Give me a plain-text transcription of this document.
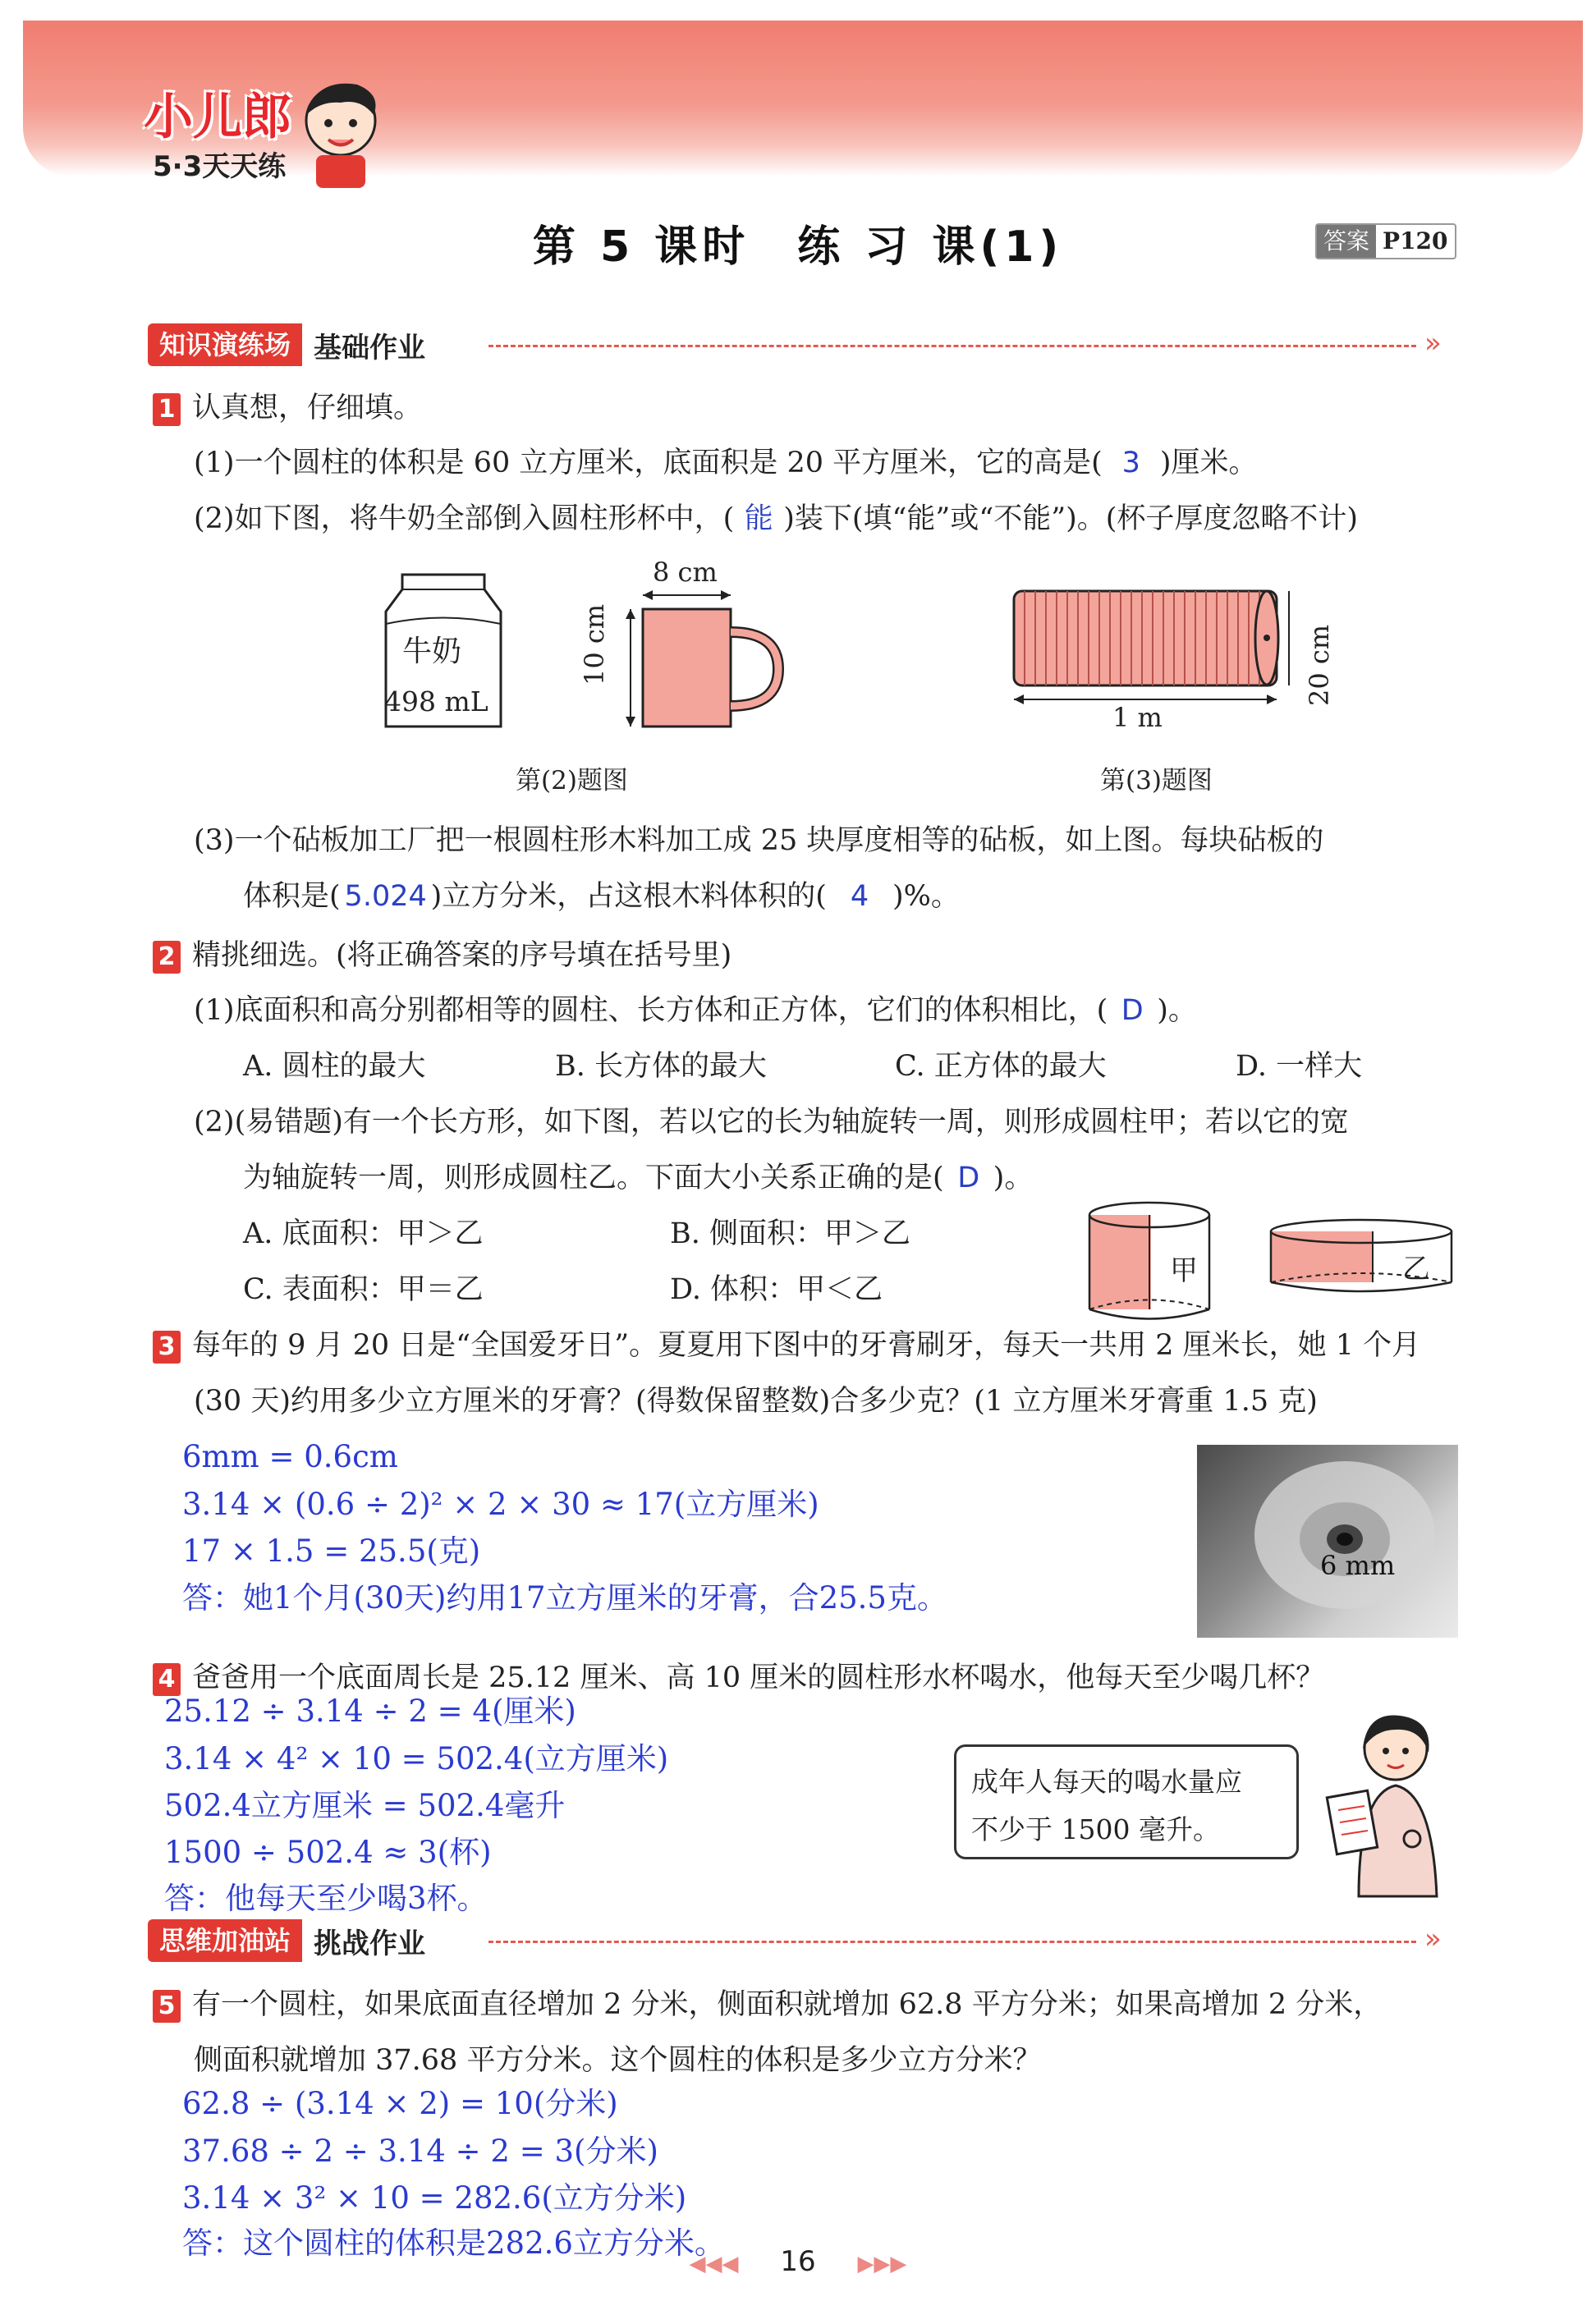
小儿郎
5·3天天练
第 5 课时　练 习 课(1)	答案 P120
知识演练场 基础作业	»
1 认真想，仔细填。
(1)一个圆柱的体积是 60 立方厘米，底面积是 20 平方厘米，它的高是( 3 )厘米。
(2)如下图，将牛奶全部倒入圆柱形杯中，( 能 )装下(填“能”或“不能”)。(杯子厚度忽略不计)
牛奶
498 mL
8 cm
10 cm
1 m
20 cm
第(2)题图	第(3)题图
(3)一个砧板加工厂把一根圆柱形木料加工成 25 块厚度相等的砧板，如上图。每块砧板的
体积是( 5.024 )立方分米，占这根木料体积的( 4 )%。
2 精挑细选。(将正确答案的序号填在括号里)
(1)底面积和高分别都相等的圆柱、长方体和正方体，它们的体积相比，( D )。
A. 圆柱的最大	B. 长方体的最大	C. 正方体的最大	D. 一样大
(2)(易错题)有一个长方形，如下图，若以它的长为轴旋转一周，则形成圆柱甲；若以它的宽
为轴旋转一周，则形成圆柱乙。下面大小关系正确的是( D )。
A. 底面积：甲＞乙	B. 侧面积：甲＞乙
C. 表面积：甲＝乙	D. 体积：甲＜乙
甲	乙
3 每年的 9 月 20 日是“全国爱牙日”。夏夏用下图中的牙膏刷牙，每天一共用 2 厘米长，她 1 个月
(30 天)约用多少立方厘米的牙膏？(得数保留整数)合多少克？(1 立方厘米牙膏重 1.5 克)
6mm = 0.6cm
3.14 × (0.6 ÷ 2)² × 2 × 30 ≈ 17(立方厘米)
17 × 1.5 = 25.5(克)
答：她1个月(30天)约用17立方厘米的牙膏，合25.5克。
6 mm
4 爸爸用一个底面周长是 25.12 厘米、高 10 厘米的圆柱形水杯喝水，他每天至少喝几杯？
25.12 ÷ 3.14 ÷ 2 = 4(厘米)
3.14 × 4² × 10 = 502.4(立方厘米)
502.4立方厘米 = 502.4毫升
1500 ÷ 502.4 ≈ 3(杯)
答：他每天至少喝3杯。
成年人每天的喝水量应
不少于 1500 毫升。
思维加油站 挑战作业	»
5 有一个圆柱，如果底面直径增加 2 分米，侧面积就增加 62.8 平方分米；如果高增加 2 分米，
侧面积就增加 37.68 平方分米。这个圆柱的体积是多少立方分米？
62.8 ÷ (3.14 × 2) = 10(分米)
37.68 ÷ 2 ÷ 3.14 ÷ 2 = 3(分米)
3.14 × 3² × 10 = 282.6(立方分米)
答：这个圆柱的体积是282.6立方分米。
◀◀◀ 16 ▶▶▶
